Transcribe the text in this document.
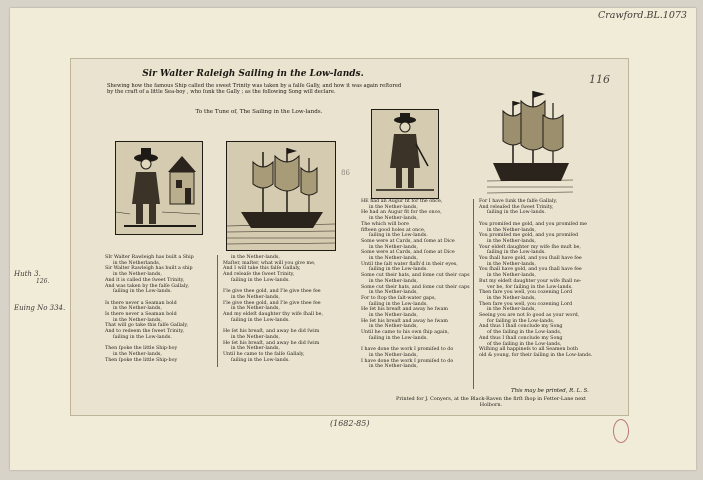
Crawford.BL.1073
Huth 3.
126.
Euing No 334.
(1682-85)
116
86
Sir Walter Raleigh Sailing in the Low-lands.
Shewing how the famous Ship called the sweet Trinity was taken by a falſe Gally, and how it was again reſtored by the craft of a little Sea-boy , who ſunk the Gally ; as the following Song will declare.
To the Tune of, The Sailing in the Low-lands.
SIr Walter Rawleigh has built a Ship
in the Netherlands,
Sir Walter Rawleigh has built a ship
in the Nether-lands,
And it is called the ſweet Trinity,
And was taken by the falſe Gallaly,
ſailing in the Low-lands.

Is there never a Seaman bold
in the Nether-lands,
Is there never a Seaman bold
in the Nether-lands,
That will go take this falſe Gallaly,
And to redeem the ſweet Trinity,
ſailing in the Low-lands.

Then ſpoke the little Ship-boy
in the Nether-lands,
Then ſpoke the little Ship-boy
in the Nether-lands,
Maſter, maſter, what will you give me,
And I will take this falſe Gallaly,
And releaſe the ſweet Trinity,
ſailing in the Low-lands.

I'le give thee gold, and I'le give thee fee
in the Nether-lands,
I'le give thee gold, and I'le give thee fee
in the Nether-lands,
And my eldeſt daughter thy wife ſhall be,
ſailing in the Low-lands.

He ſet his breaſt, and away he did ſwim
in the Nether-lands,
He ſet his breaſt, and away he did ſwim
in the Nether-lands,
Until he came to the falſe Gallaly,
ſailing in the Low-lands.
HE had an Augur fit for the once,
in the Nether-lands,
He had an Augur fit for the once,
in the Nether-lands,
The which will bore
fifteen good holes at once,
ſailing in the Low-lands.
Some were at Cards, and ſome at Dice
in the Nether-lands,
Some were at Cards, and ſome at Dice
in the Nether-lands,
Until the ſalt water flaſh'd in their eyes,
ſailing in the Low-lands.
Some cut their hats, and ſome cut their caps
in the Nether-lands,
Some cut their hats, and ſome cut their caps
in the Nether-lands,
For to ſtop the ſalt-water gaps,
ſailing in the Low-lands.
He ſet his breaſt and away he ſwam
in the Nether-lands,
He ſet his breaſt and away he ſwam
in the Nether-lands,
Until he came to his own ſhip again,
ſailing in the Low-lands.

I have done the work I promiſed to do
in the Nether-lands,
I have done the work I promiſed to do
in the Nether-lands,
For I have ſunk the falſe Gallaly,
And releaſed the ſweet Trinity,
ſailing in the Low-lands.

You promiſed me gold, and you promiſed me
in the Nether-lands,
You promiſed me gold, and you promiſed
in the Nether-lands,
Your eldeſt daughter my wife ſhe muſt be,
ſailing in the Low-lands.
You ſhall have gold, and you ſhall have fee
in the Nether-lands,
You ſhall have gold, and you ſhall have fee
in the Nether-lands,
But my eldeſt daughter your wife ſhall ne-
ver be, for ſailing in the Low-lands.
Then fare you well, you cozening Lord
in the Nether-lands,
Then fare you well, you cozening Lord
in the Nether-lands,
Seeing you are not ſo good as your word,
for ſailing in the Low-lands.
And thus I ſhall conclude my Song
of the ſailing in the Low-lands,
And thus I ſhall conclude my Song
of the ſailing in the Low-lands,
Wiſhing all happineſs to all Seamen both
old & young, for their ſailing in the Low-lands.
This may be printed, R. L. S.
Printed for J. Conyers, at the Black-Raven the firſt ſhop in Fetter-Lane next Holborn.
